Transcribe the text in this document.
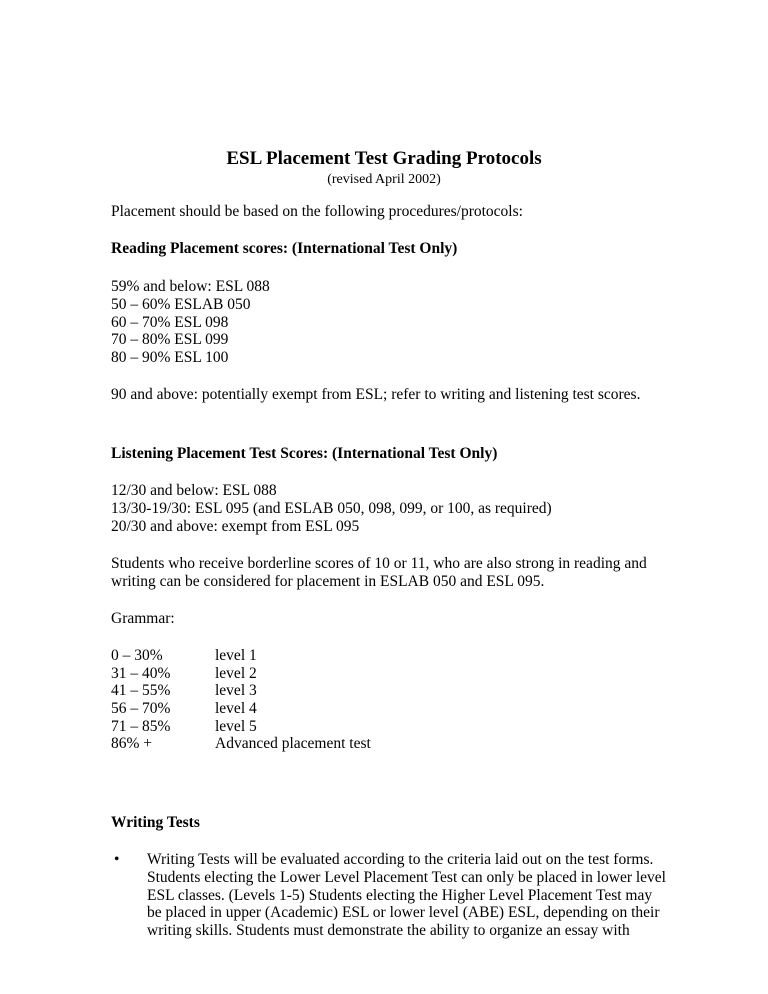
ESL Placement Test Grading Protocols
(revised April 2002)
Placement should be based on the following procedures/protocols:
Reading Placement scores: (International Test Only)
59% and below: ESL 088
50 – 60% ESLAB 050
60 – 70% ESL 098
70 – 80% ESL 099
80 – 90% ESL 100
90 and above: potentially exempt from ESL; refer to writing and listening test scores.
Listening Placement Test Scores: (International Test Only)
12/30 and below: ESL 088
13/30-19/30: ESL 095 (and ESLAB 050, 098, 099, or 100, as required)
20/30 and above: exempt from ESL 095
Students who receive borderline scores of 10 or 11, who are also strong in reading and
writing can be considered for placement in ESLAB 050 and ESL 095.
Grammar:
0 – 30%	level 1
31 – 40%	level 2
41 – 55%	level 3
56 – 70%	level 4
71 – 85%	level 5
86% +	Advanced placement test
Writing Tests
• Writing Tests will be evaluated according to the criteria laid out on the test forms.
Students electing the Lower Level Placement Test can only be placed in lower level
ESL classes. (Levels 1-5) Students electing the Higher Level Placement Test may
be placed in upper (Academic) ESL or lower level (ABE) ESL, depending on their
writing skills. Students must demonstrate the ability to organize an essay with
